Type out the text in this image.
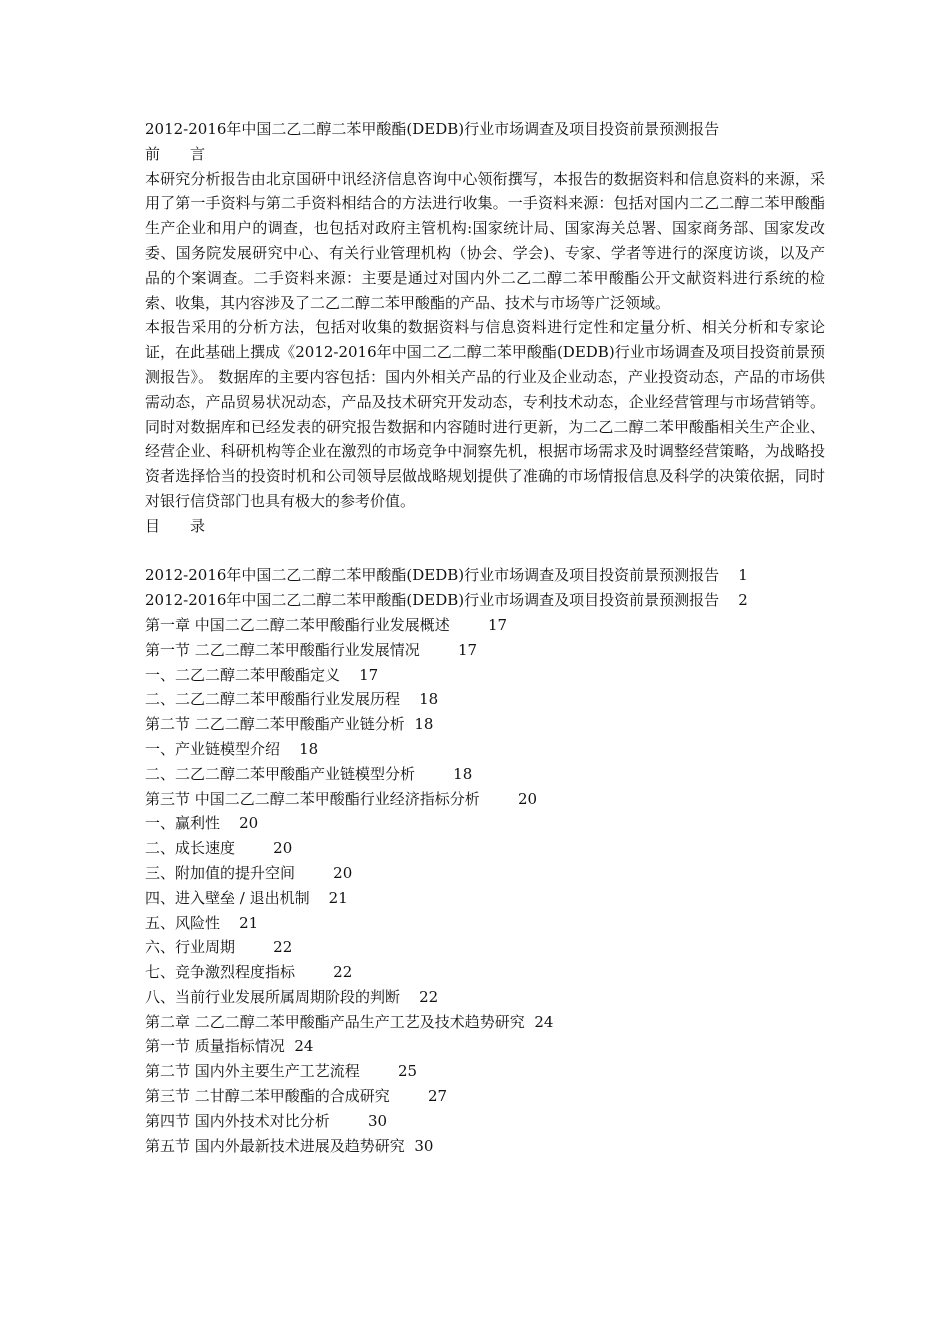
2012-2016年中国二乙二醇二苯甲酸酯(DEDB)行业市场调查及项目投资前景预测报告
前　　言
本研究分析报告由北京国研中讯经济信息咨询中心领衔撰写，本报告的数据资料和信息资料的来源，采用了第一手资料与第二手资料相结合的方法进行收集。一手资料来源：包括对国内二乙二醇二苯甲酸酯生产企业和用户的调查，也包括对政府主管机构:国家统计局、国家海关总署、国家商务部、国家发改委、国务院发展研究中心、有关行业管理机构（协会、学会)、专家、学者等进行的深度访谈，以及产品的个案调查。二手资料来源：主要是通过对国内外二乙二醇二苯甲酸酯公开文献资料进行系统的检索、收集，其内容涉及了二乙二醇二苯甲酸酯的产品、技术与市场等广泛领域。
本报告采用的分析方法，包括对收集的数据资料与信息资料进行定性和定量分析、相关分析和专家论证，在此基础上撰成《2012-2016年中国二乙二醇二苯甲酸酯(DEDB)行业市场调查及项目投资前景预测报告》。 数据库的主要内容包括：国内外相关产品的行业及企业动态，产业投资动态，产品的市场供需动态，产品贸易状况动态，产品及技术研究开发动态，专利技术动态，企业经营管理与市场营销等。同时对数据库和已经发表的研究报告数据和内容随时进行更新，为二乙二醇二苯甲酸酯相关生产企业、经营企业、科研机构等企业在激烈的市场竞争中洞察先机，根据市场需求及时调整经营策略，为战略投资者选择恰当的投资时机和公司领导层做战略规划提供了准确的市场情报信息及科学的决策依据，同时对银行信贷部门也具有极大的参考价值。
目　　录
2012-2016年中国二乙二醇二苯甲酸酯(DEDB)行业市场调查及项目投资前景预测报告 1
2012-2016年中国二乙二醇二苯甲酸酯(DEDB)行业市场调查及项目投资前景预测报告 2
第一章 中国二乙二醇二苯甲酸酯行业发展概述	17
第一节 二乙二醇二苯甲酸酯行业发展情况	17
一、二乙二醇二苯甲酸酯定义 17
二、二乙二醇二苯甲酸酯行业发展历程 18
第二节 二乙二醇二苯甲酸酯产业链分析 18
一、产业链模型介绍 18
二、二乙二醇二苯甲酸酯产业链模型分析	18
第三节 中国二乙二醇二苯甲酸酯行业经济指标分析	20
一、赢利性 20
二、成长速度	20
三、附加值的提升空间	20
四、进入壁垒 / 退出机制 21
五、风险性 21
六、行业周期	22
七、竞争激烈程度指标	22
八、当前行业发展所属周期阶段的判断 22
第二章 二乙二醇二苯甲酸酯产品生产工艺及技术趋势研究 24
第一节 质量指标情况 24
第二节 国内外主要生产工艺流程	25
第三节 二甘醇二苯甲酸酯的合成研究	27
第四节 国内外技术对比分析	30
第五节 国内外最新技术进展及趋势研究 30
